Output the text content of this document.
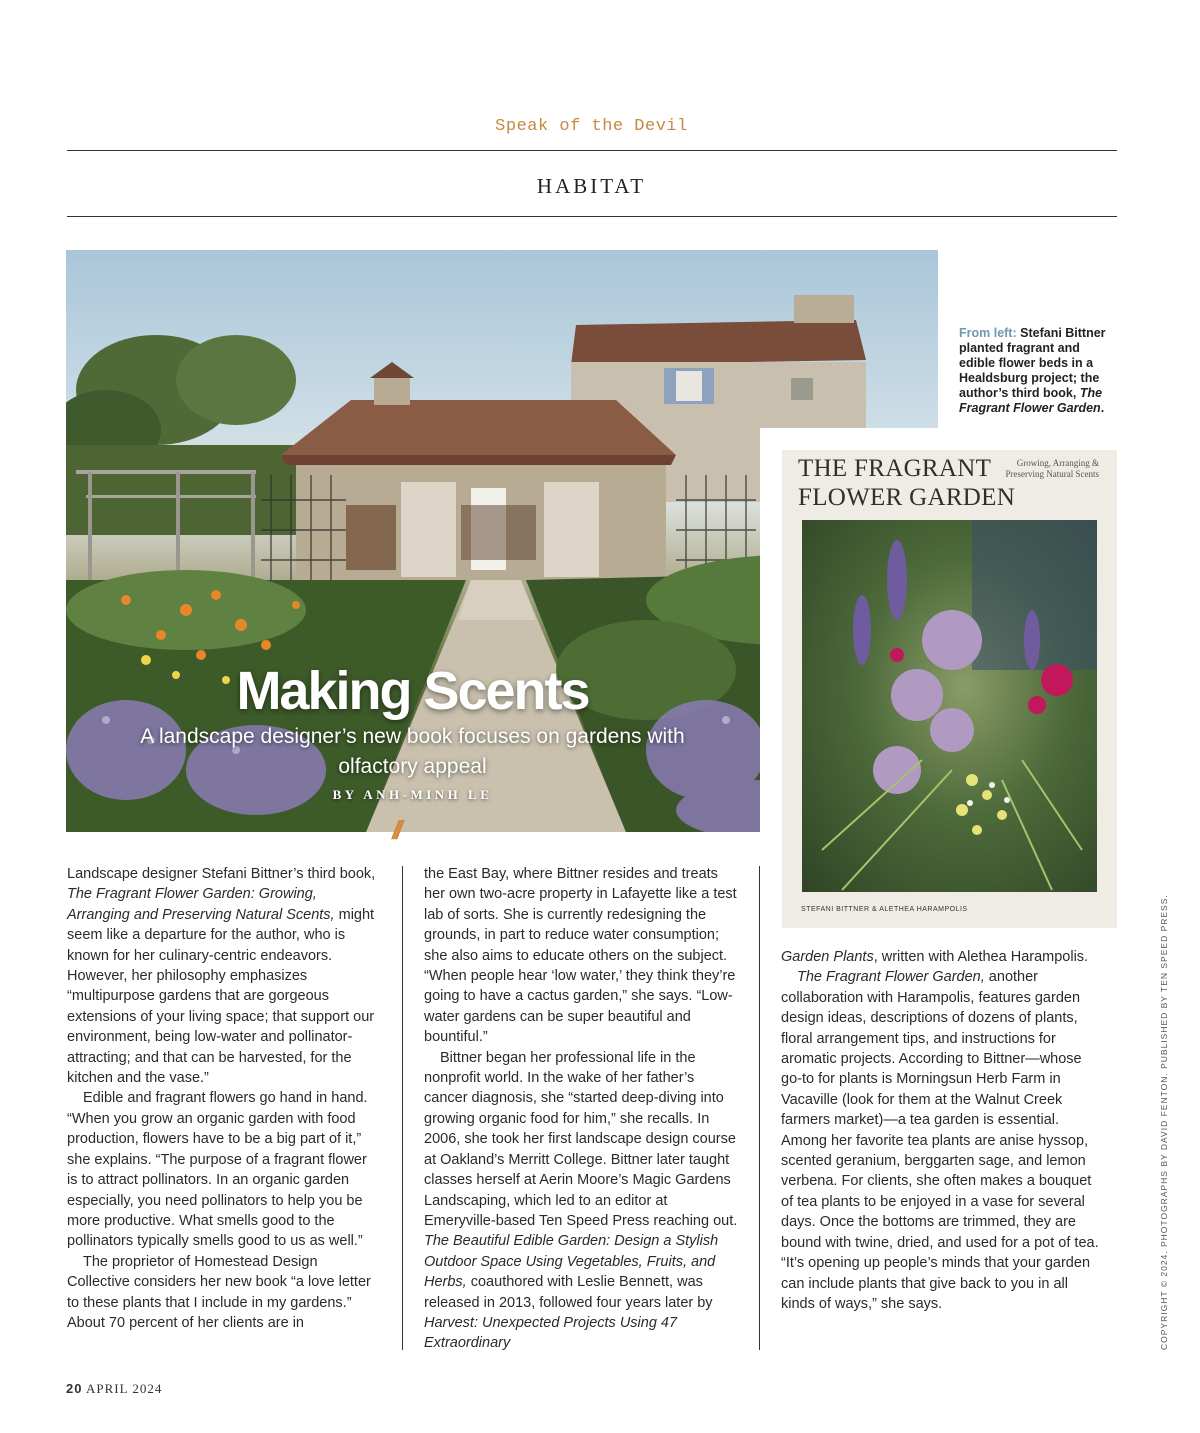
Speak of the Devil
HABITAT
Making Scents
A landscape designer’s new book focuses on gardens with olfactory appeal
BY ANH-MINH LE
//
From left: Stefani Bittner planted fragrant and edible flower beds in a Healdsburg project; the author’s third book, The Fragrant Flower Garden.
THE FRAGRANT FLOWER GARDEN
Growing, Arranging & Preserving Natural Scents
STEFANI BITTNER & ALETHEA HARAMPOLIS

Landscape designer Stefani Bittner’s third book, The Fragrant Flower Garden: Growing, Arranging and Preserving Natural Scents, might seem like a departure for the author, who is known for her culinary-centric endeavors. However, her philosophy emphasizes “multipurpose gardens that are gorgeous extensions of your living space; that support our environment, being low-water and pollinator-attracting; and that can be harvested, for the kitchen and the vase.”

Edible and fragrant flowers go hand in hand. “When you grow an organic garden with food production, flowers have to be a big part of it,” she explains. “The purpose of a fragrant flower is to attract pollinators. In an organic garden especially, you need pollinators to help you be more productive. What smells good to the pollinators typically smells good to us as well.”

The proprietor of Homestead Design Collective considers her new book “a love letter to these plants that I include in my gardens.” About 70 percent of her clients are in

the East Bay, where Bittner resides and treats her own two-acre property in Lafayette like a test lab of sorts. She is currently redesigning the grounds, in part to reduce water consumption; she also aims to educate others on the subject. “When people hear ‘low water,’ they think they’re going to have a cactus garden,” she says. “Low-water gardens can be super beautiful and bountiful.”

Bittner began her professional life in the nonprofit world. In the wake of her father’s cancer diagnosis, she “started deep-diving into growing organic food for him,” she recalls. In 2006, she took her first landscape design course at Oakland’s Merritt College. Bittner later taught classes herself at Aerin Moore’s Magic Gardens Landscaping, which led to an editor at Emeryville-based Ten Speed Press reaching out. The Beautiful Edible Garden: Design a Stylish Outdoor Space Using Vegetables, Fruits, and Herbs, coauthored with Leslie Bennett, was released in 2013, followed four years later by Harvest: Unexpected Projects Using 47 Extraordinary

Garden Plants, written with Alethea Harampolis.

The Fragrant Flower Garden, another collaboration with Harampolis, features garden design ideas, descriptions of dozens of plants, floral arrangement tips, and instructions for aromatic projects. According to Bittner—whose go-to for plants is Morningsun Herb Farm in Vacaville (look for them at the Walnut Creek farmers market)—a tea garden is essential. Among her favorite tea plants are anise hyssop, scented geranium, berggarten sage, and lemon verbena. For clients, she often makes a bouquet of tea plants to be enjoyed in a vase for several days. Once the bottoms are trimmed, they are bound with twine, dried, and used for a pot of tea. “It’s opening up people’s minds that your garden can include plants that give back to you in all kinds of ways,” she says.

20 APRIL 2024
COPYRIGHT © 2024. PHOTOGRAPHS BY DAVID FENTON. PUBLISHED BY TEN SPEED PRESS.
